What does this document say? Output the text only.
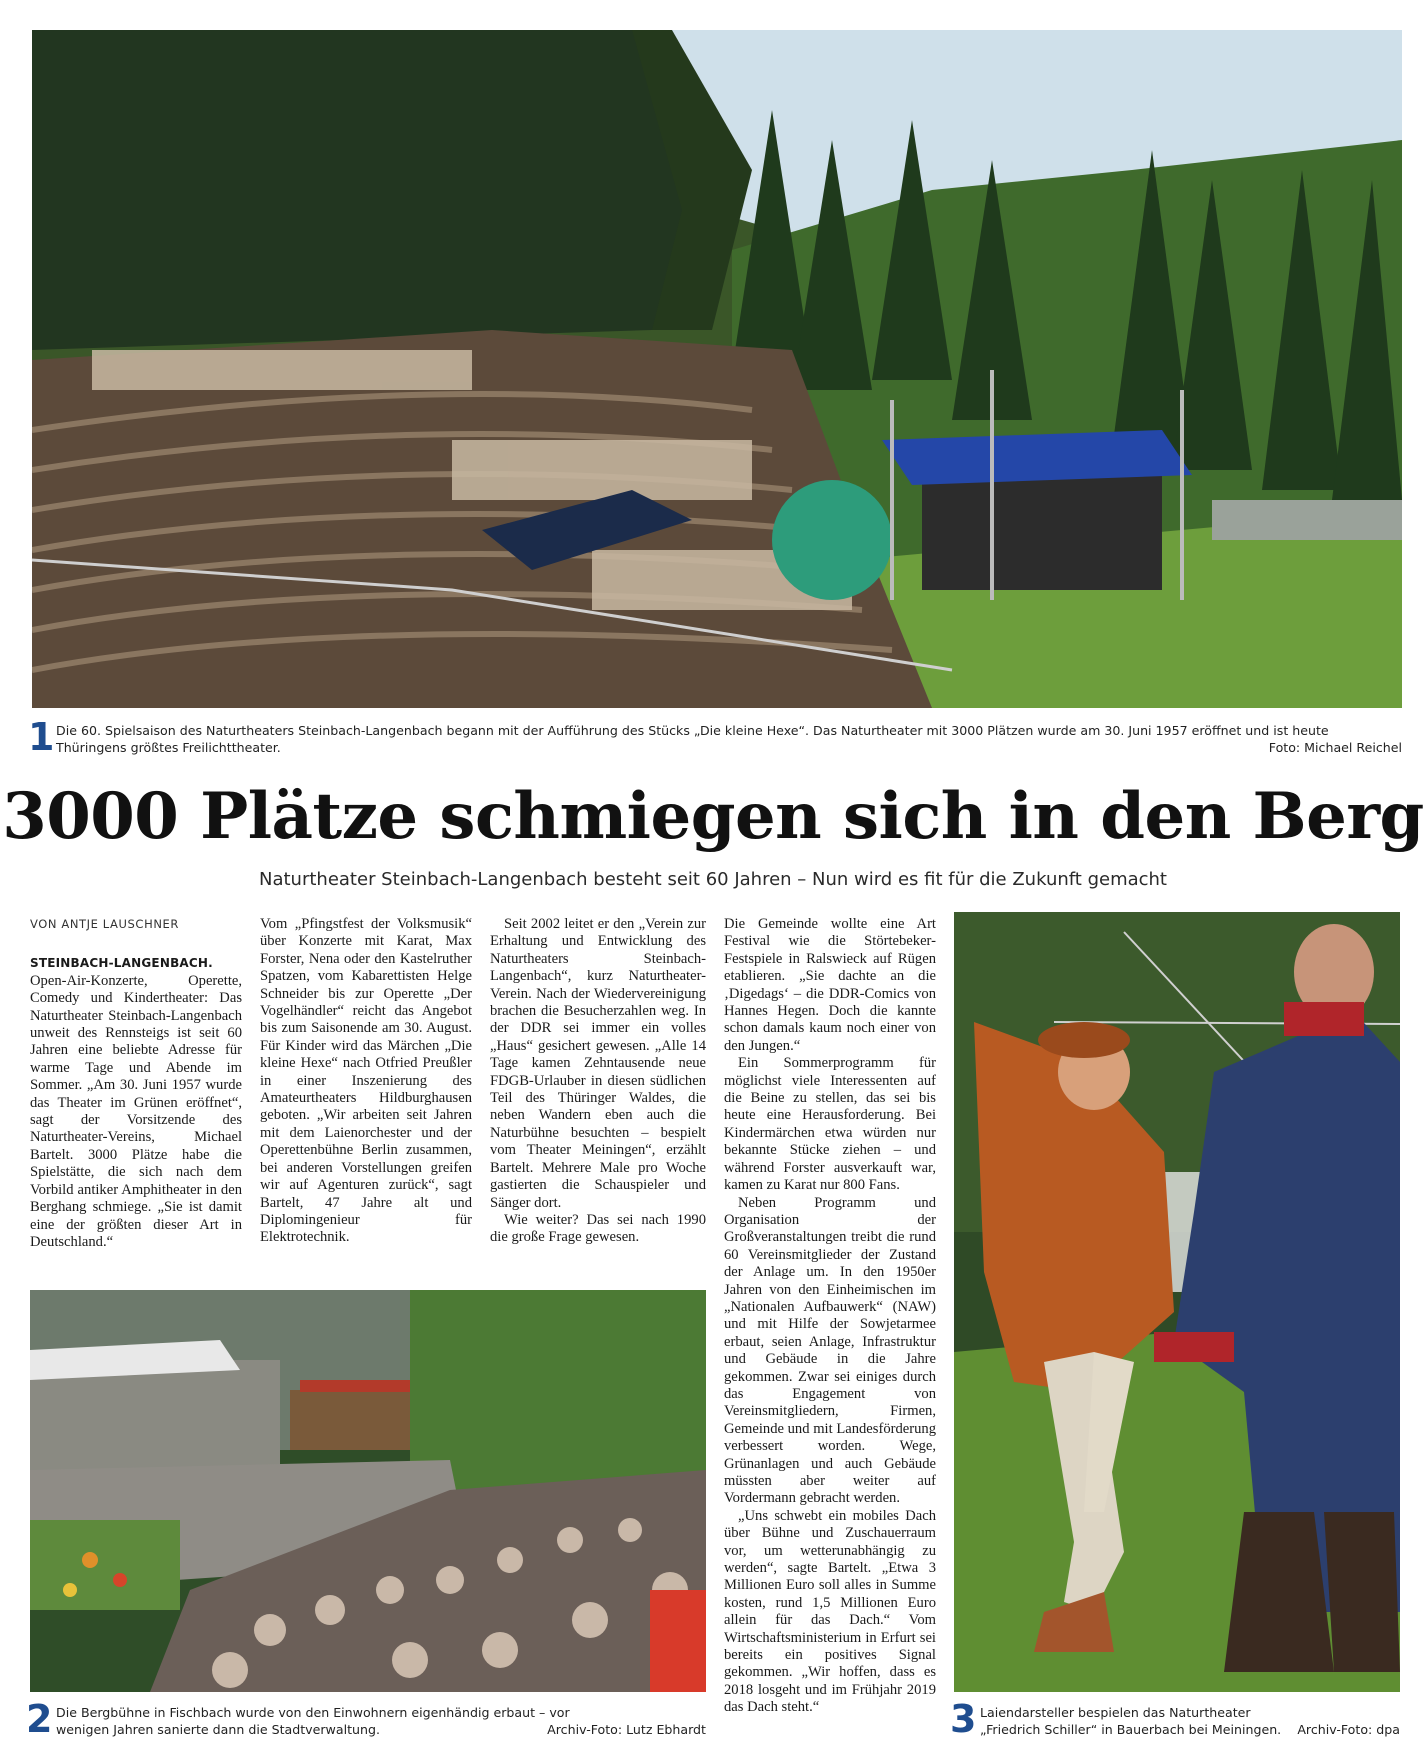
1 Die 60. Spielsaison des Naturtheaters Steinbach-Langenbach begann mit der Aufführung des Stücks „Die kleine Hexe“. Das Naturtheater mit 3000 Plätzen wurde am 30. Juni 1957 eröffnet und ist heute Thüringens größtes Freilichttheater.	Foto: Michael Reichel
3000 Plätze schmiegen sich in den Berg
Naturtheater Steinbach-Langenbach besteht seit 60 Jahren – Nun wird es fit für die Zukunft gemacht
VON ANTJE LAUSCHNER

STEINBACH-LANGENBACH.
Open-Air-Konzerte, Operette, Comedy und Kindertheater: Das Naturtheater Steinbach-Langenbach unweit des Rennsteigs ist seit 60 Jahren eine beliebte Adresse für warme Tage und Abende im Sommer. „Am 30. Juni 1957 wurde das Theater im Grünen eröffnet“, sagt der Vorsitzende des Naturtheater-Vereins, Michael Bartelt. 3000 Plätze habe die Spielstätte, die sich nach dem Vorbild antiker Amphitheater in den Berghang schmiege. „Sie ist damit eine der größten dieser Art in Deutschland.“

Vom „Pfingstfest der Volksmusik“ über Konzerte mit Karat, Max Forster, Nena oder den Kastelruther Spatzen, vom Kabarettisten Helge Schneider bis zur Operette „Der Vogelhändler“ reicht das Angebot bis zum Saisonende am 30. August. Für Kinder wird das Märchen „Die kleine Hexe“ nach Otfried Preußler in einer Inszenierung des Amateurtheaters Hildburghausen geboten. „Wir arbeiten seit Jahren mit dem Laienorchester und der Operettenbühne Berlin zusammen, bei anderen Vorstellungen greifen wir auf Agenturen zurück“, sagt Bartelt, 47 Jahre alt und Diplomingenieur für Elektrotechnik.

Seit 2002 leitet er den „Verein zur Erhaltung und Entwicklung des Naturtheaters Steinbach-Langenbach“, kurz Naturtheater-Verein. Nach der Wiedervereinigung brachen die Besucherzahlen weg. In der DDR sei immer ein volles „Haus“ gesichert gewesen. „Alle 14 Tage kamen Zehntausende neue FDGB-Urlauber in diesen südlichen Teil des Thüringer Waldes, die neben Wandern eben auch die Naturbühne besuchten – bespielt vom Theater Meiningen“, erzählt Bartelt. Mehrere Male pro Woche gastierten die Schauspieler und Sänger dort.

Wie weiter? Das sei nach 1990 die große Frage gewesen.

Die Gemeinde wollte eine Art Festival wie die Störtebeker-Festspiele in Ralswieck auf Rügen etablieren. „Sie dachte an die ‚Digedags‘ – die DDR-Comics von Hannes Hegen. Doch die kannte schon damals kaum noch einer von den Jungen.“

Ein Sommerprogramm für möglichst viele Interessenten auf die Beine zu stellen, das sei bis heute eine Herausforderung. Bei Kindermärchen etwa würden nur bekannte Stücke ziehen – und während Forster ausverkauft war, kamen zu Karat nur 800 Fans.

Neben Programm und Organisation der Großveranstaltungen treibt die rund 60 Vereinsmitglieder der Zustand der Anlage um. In den 1950er Jahren von den Einheimischen im „Nationalen Aufbauwerk“ (NAW) und mit Hilfe der Sowjetarmee erbaut, seien Anlage, Infrastruktur und Gebäude in die Jahre gekommen. Zwar sei einiges durch das Engagement von Vereinsmitgliedern, Firmen, Gemeinde und mit Landesförderung verbessert worden. Wege, Grünanlagen und auch Gebäude müssten aber weiter auf Vordermann gebracht werden.

„Uns schwebt ein mobiles Dach über Bühne und Zuschauerraum vor, um wetterunabhängig zu werden“, sagte Bartelt. „Etwa 3 Millionen Euro soll alles in Summe kosten, rund 1,5 Millionen Euro allein für das Dach.“ Vom Wirtschaftsministerium in Erfurt sei bereits ein positives Signal gekommen. „Wir hoffen, dass es 2018 losgeht und im Frühjahr 2019 das Dach steht.“

2 Die Bergbühne in Fischbach wurde von den Einwohnern eigenhändig erbaut – vor wenigen Jahren sanierte dann die Stadtverwaltung.	Archiv-Foto: Lutz Ebhardt	3 Laiendarsteller bespielen das Naturtheater „Friedrich Schiller“ in Bauerbach bei Meiningen.	Archiv-Foto: dpa
